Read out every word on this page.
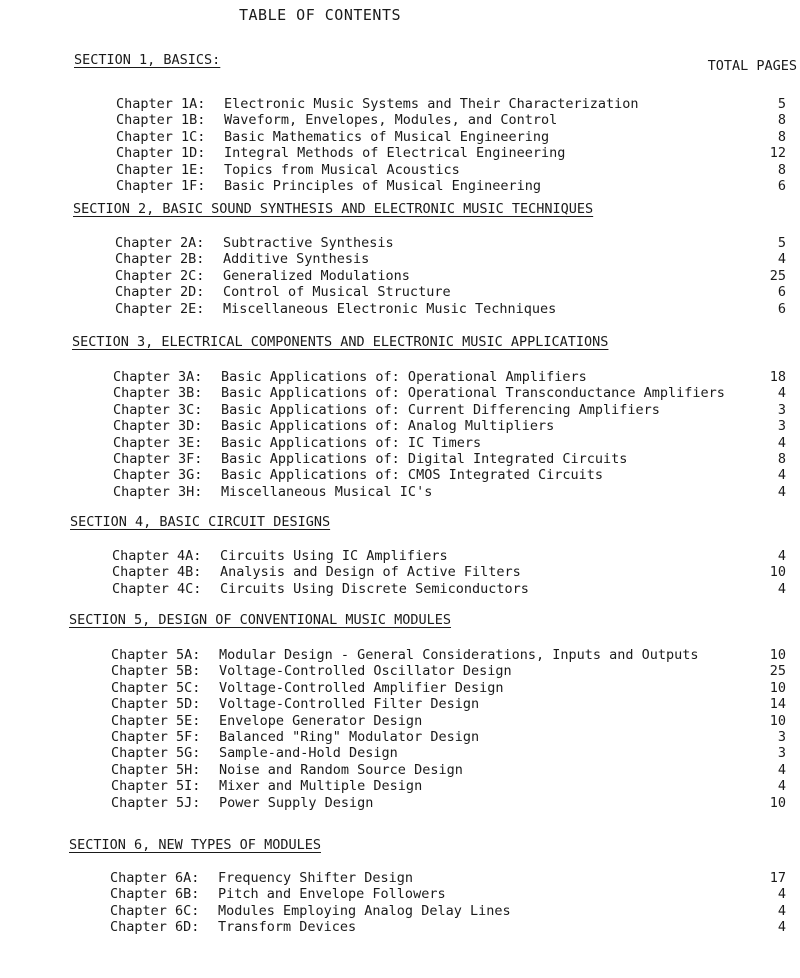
TABLE OF CONTENTS
TOTAL PAGES
SECTION 1, BASICS:
Chapter 1A: Electronic Music Systems and Their Characterization	5
Chapter 1B: Waveform, Envelopes, Modules, and Control	8
Chapter 1C: Basic Mathematics of Musical Engineering	8
Chapter 1D: Integral Methods of Electrical Engineering	12
Chapter 1E: Topics from Musical Acoustics	8
Chapter 1F: Basic Principles of Musical Engineering	6
SECTION 2, BASIC SOUND SYNTHESIS AND ELECTRONIC MUSIC TECHNIQUES
Chapter 2A: Subtractive Synthesis	5
Chapter 2B: Additive Synthesis	4
Chapter 2C: Generalized Modulations	25
Chapter 2D: Control of Musical Structure	6
Chapter 2E: Miscellaneous Electronic Music Techniques	6
SECTION 3, ELECTRICAL COMPONENTS AND ELECTRONIC MUSIC APPLICATIONS
Chapter 3A: Basic Applications of: Operational Amplifiers	18
Chapter 3B: Basic Applications of: Operational Transconductance Amplifiers	4
Chapter 3C: Basic Applications of: Current Differencing Amplifiers	3
Chapter 3D: Basic Applications of: Analog Multipliers	3
Chapter 3E: Basic Applications of: IC Timers	4
Chapter 3F: Basic Applications of: Digital Integrated Circuits	8
Chapter 3G: Basic Applications of: CMOS Integrated Circuits	4
Chapter 3H: Miscellaneous Musical IC's	4
SECTION 4, BASIC CIRCUIT DESIGNS
Chapter 4A: Circuits Using IC Amplifiers	4
Chapter 4B: Analysis and Design of Active Filters	10
Chapter 4C: Circuits Using Discrete Semiconductors	4
SECTION 5, DESIGN OF CONVENTIONAL MUSIC MODULES
Chapter 5A: Modular Design - General Considerations, Inputs and Outputs	10
Chapter 5B: Voltage-Controlled Oscillator Design	25
Chapter 5C: Voltage-Controlled Amplifier Design	10
Chapter 5D: Voltage-Controlled Filter Design	14
Chapter 5E: Envelope Generator Design	10
Chapter 5F: Balanced "Ring" Modulator Design	3
Chapter 5G: Sample-and-Hold Design	3
Chapter 5H: Noise and Random Source Design	4
Chapter 5I: Mixer and Multiple Design	4
Chapter 5J: Power Supply Design	10
SECTION 6, NEW TYPES OF MODULES
Chapter 6A: Frequency Shifter Design	17
Chapter 6B: Pitch and Envelope Followers	4
Chapter 6C: Modules Employing Analog Delay Lines	4
Chapter 6D: Transform Devices	4
